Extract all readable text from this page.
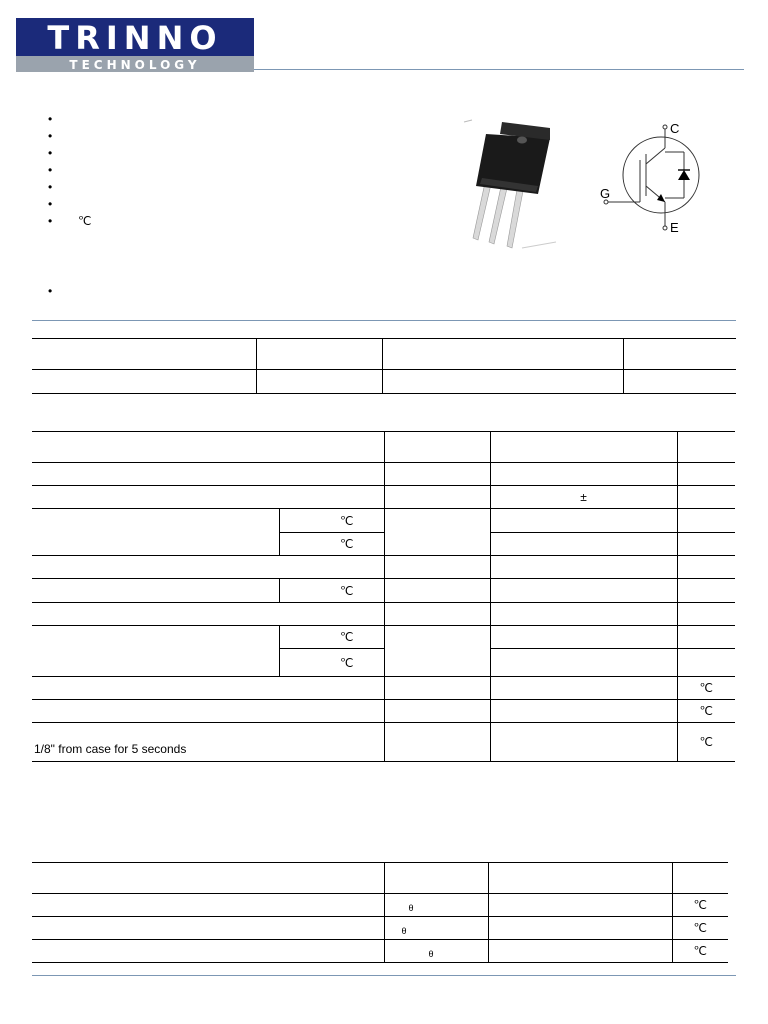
TRINNO
TECHNOLOGY
•
•
•
•
•
•
• ℃
•
C
G
E

			±	
	℃			
	℃			

	℃			

	℃			
	℃			
				℃
				℃

1/8" from case for 5 seconds				℃

	θ		℃
	θ		℃
	θ		℃
